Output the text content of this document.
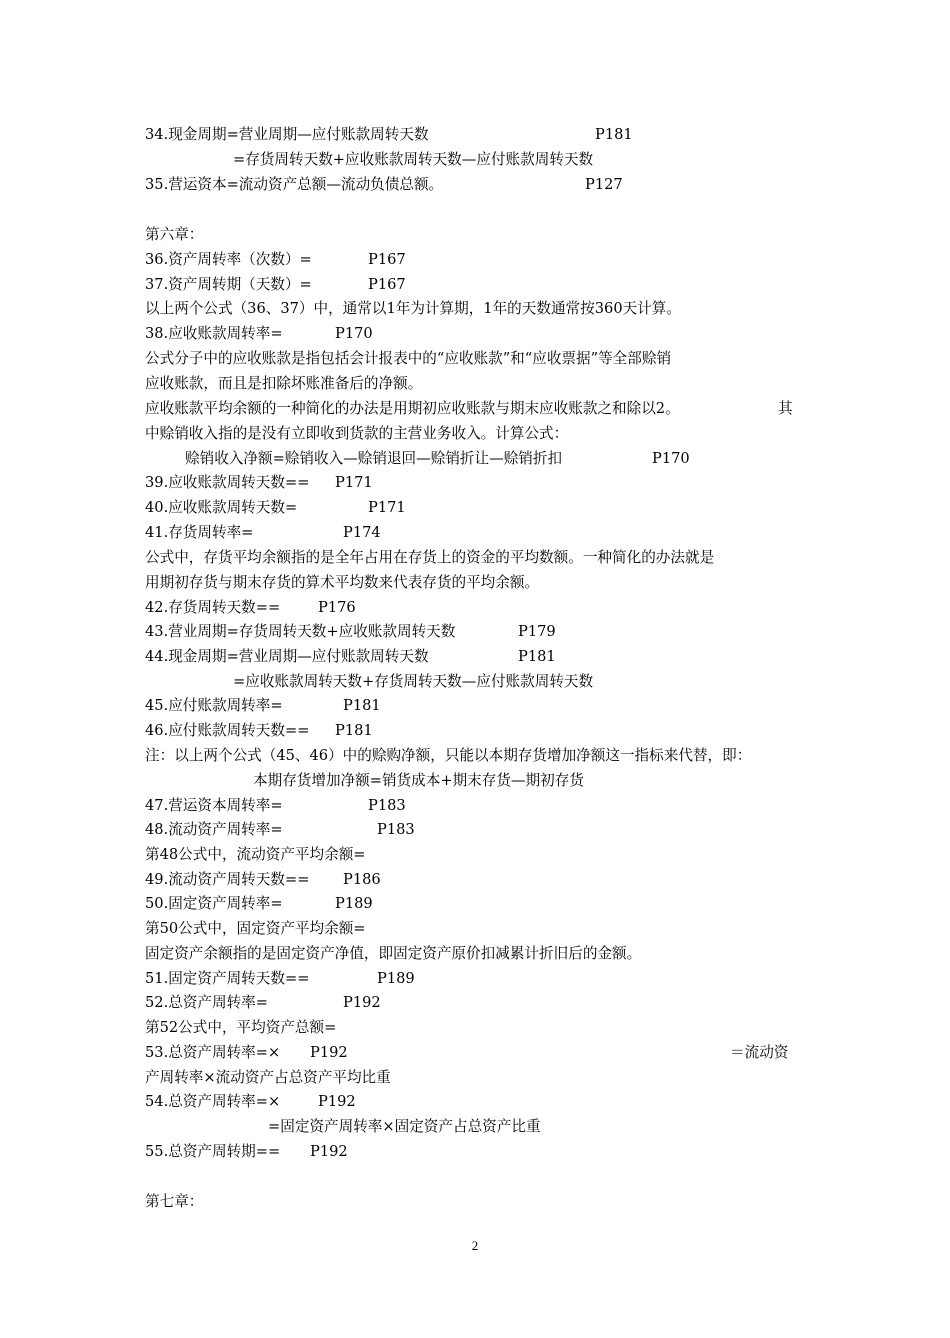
34.现金周期=营业周期—应付账款周转天数	P181
=存货周转天数+应收账款周转天数—应付账款周转天数
35.营运资本=流动资产总额—流动负债总额。	P127
第六章：
36.资产周转率（次数）=	P167
37.资产周转期（天数）=	P167
以上两个公式（36、37）中，通常以1年为计算期，1年的天数通常按360天计算。
38.应收账款周转率=	P170
公式分子中的应收账款是指包括会计报表中的“应收账款”和“应收票据”等全部赊销
应收账款，而且是扣除坏账准备后的净额。
应收账款平均余额的一种简化的办法是用期初应收账款与期末应收账款之和除以2。	其
中赊销收入指的是没有立即收到货款的主营业务收入。计算公式：
赊销收入净额=赊销收入—赊销退回—赊销折让—赊销折扣	P170
39.应收账款周转天数== P171
40.应收账款周转天数=	P171
41.存货周转率=	P174
公式中，存货平均余额指的是全年占用在存货上的资金的平均数额。一种简化的办法就是
用期初存货与期末存货的算术平均数来代表存货的平均余额。
42.存货周转天数==	P176
43.营业周期=存货周转天数+应收账款周转天数	P179
44.现金周期=营业周期—应付账款周转天数	P181
=应收账款周转天数+存货周转天数—应付账款周转天数
45.应付账款周转率=	P181
46.应付账款周转天数== P181
注：以上两个公式（45、46）中的赊购净额，只能以本期存货增加净额这一指标来代替，即：
本期存货增加净额=销货成本+期末存货—期初存货
47.营运资本周转率=	P183
48.流动资产周转率=	P183
第48公式中，流动资产平均余额=
49.流动资产周转天数== P186
50.固定资产周转率=	P189
第50公式中，固定资产平均余额=
固定资产余额指的是固定资产净值，即固定资产原价扣减累计折旧后的金额。
51.固定资产周转天数==	P189
52.总资产周转率=	P192
第52公式中，平均资产总额=
53.总资产周转率=× P192	＝流动资
产周转率×流动资产占总资产平均比重
54.总资产周转率=×	P192
=固定资产周转率×固定资产占总资产比重
55.总资产周转期== P192
第七章：
2
